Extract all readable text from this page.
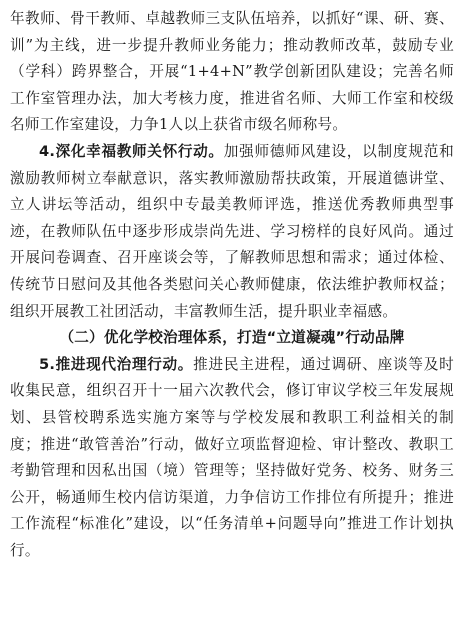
年教师、骨干教师、卓越教师三支队伍培养，以抓好“课、研、赛、训”为主线，进一步提升教师业务能力；推动教师改革，鼓励专业（学科）跨界整合，开展“1+4+N”教学创新团队建设；完善名师工作室管理办法，加大考核力度，推进省名师、大师工作室和校级名师工作室建设，力争1人以上获省市级名师称号。

4.深化幸福教师关怀行动。加强师德师风建设，以制度规范和激励教师树立奉献意识，落实教师激励帮扶政策，开展道德讲堂、立人讲坛等活动，组织中专最美教师评选，推送优秀教师典型事迹，在教师队伍中逐步形成崇尚先进、学习榜样的良好风尚。通过开展问卷调查、召开座谈会等，了解教师思想和需求；通过体检、传统节日慰问及其他各类慰问关心教师健康，依法维护教师权益；组织开展教工社团活动，丰富教师生活，提升职业幸福感。

（二）优化学校治理体系，打造“立道凝魂”行动品牌

5.推进现代治理行动。推进民主进程，通过调研、座谈等及时收集民意，组织召开十一届六次教代会，修订审议学校三年发展规划、县管校聘系选实施方案等与学校发展和教职工利益相关的制度；推进“敢管善治”行动，做好立项监督迎检、审计整改、教职工考勤管理和因私出国（境）管理等；坚持做好党务、校务、财务三公开，畅通师生校内信访渠道，力争信访工作排位有所提升；推进工作流程“标准化”建设，以“任务清单+问题导向”推进工作计划执行。
